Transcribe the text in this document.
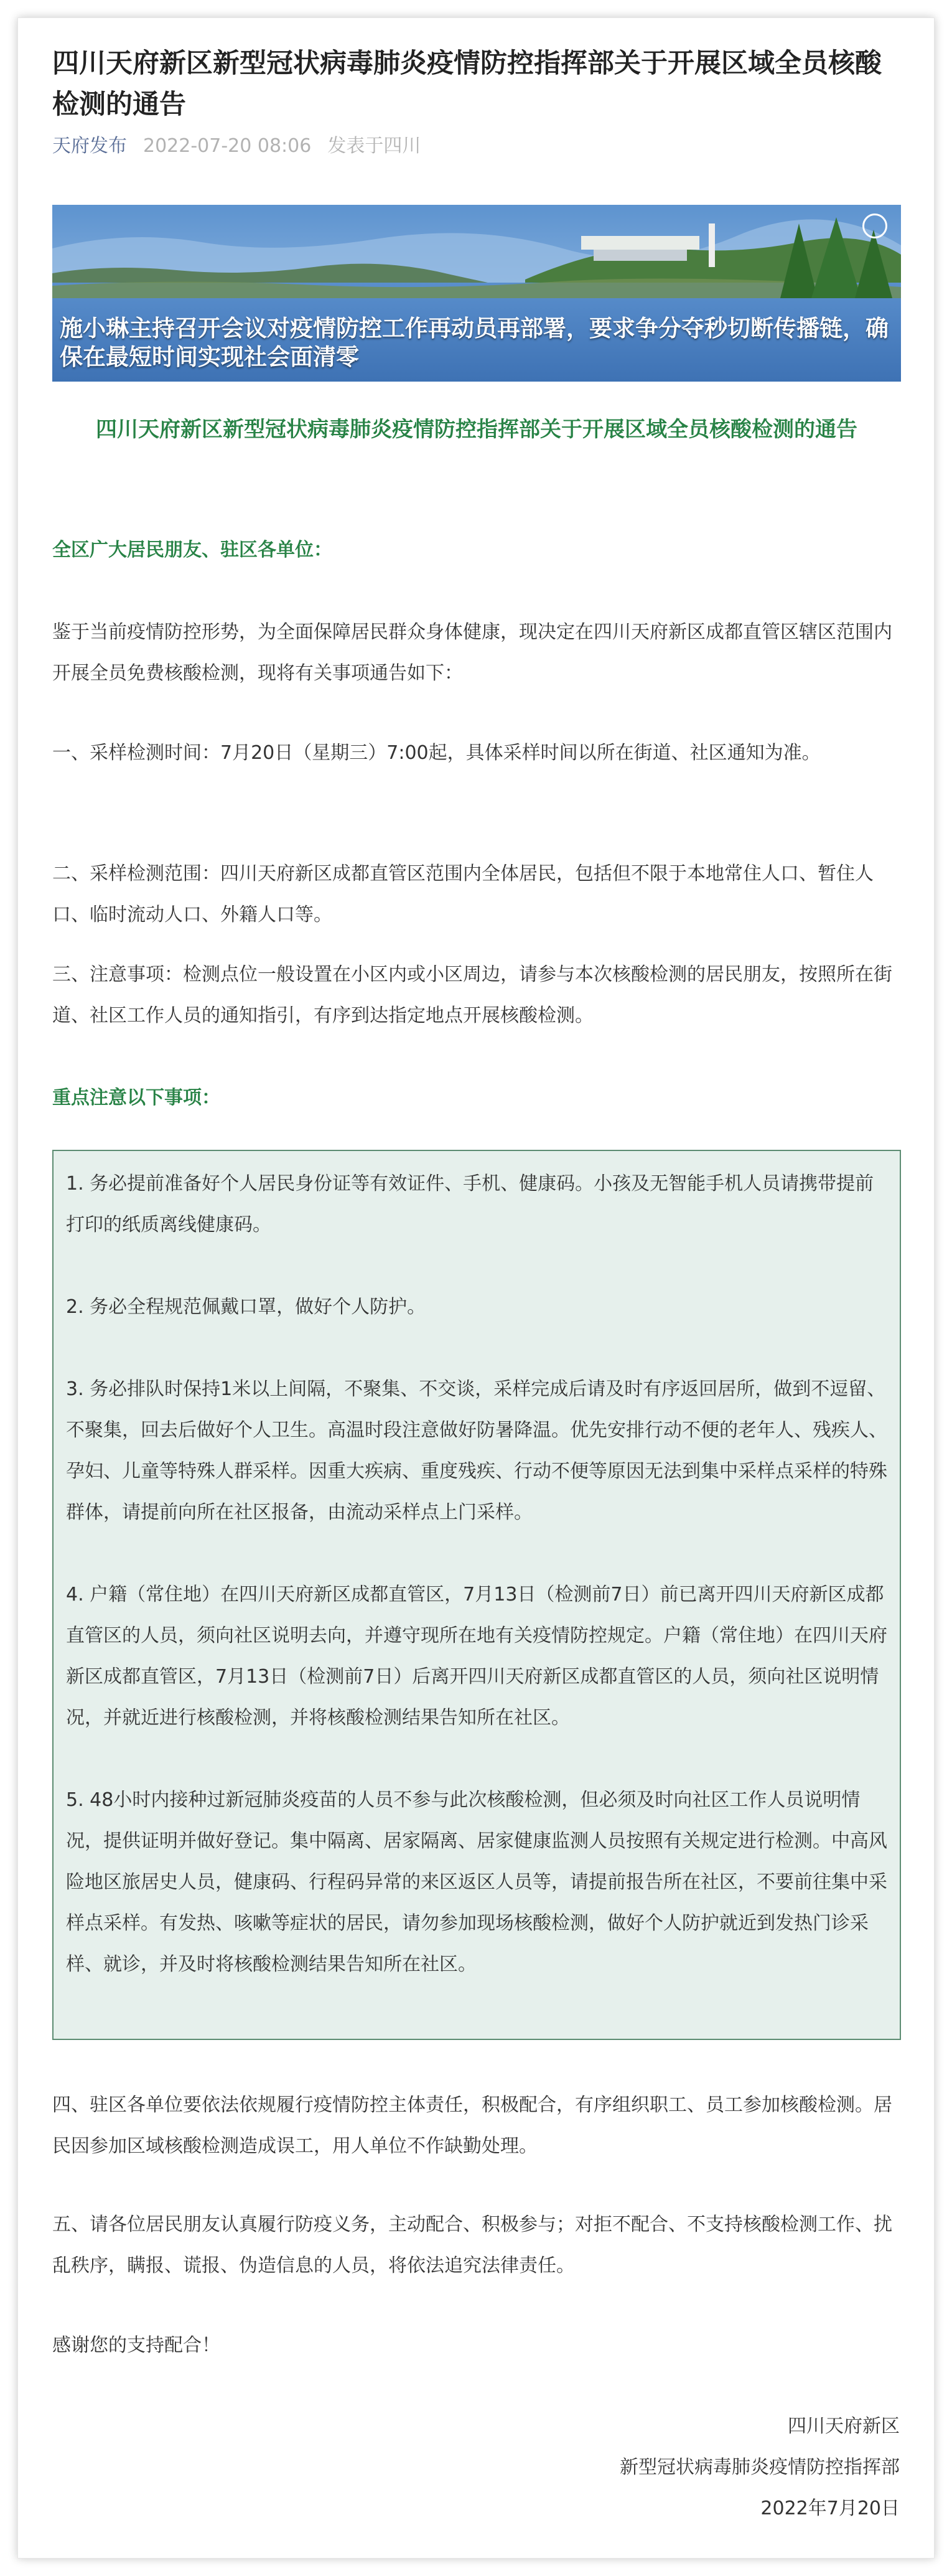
四川天府新区新型冠状病毒肺炎疫情防控指挥部关于开展区域全员核酸检测的通告
天府发布 2022-07-20 08:06 发表于四川
施小琳主持召开会议对疫情防控工作再动员再部署，要求争分夺秒切断传播链，确保在最短时间实现社会面清零
四川天府新区新型冠状病毒肺炎疫情防控指挥部关于开展区域全员核酸检测的通告
全区广大居民朋友、驻区各单位：
鉴于当前疫情防控形势，为全面保障居民群众身体健康，现决定在四川天府新区成都直管区辖区范围内开展全员免费核酸检测，现将有关事项通告如下：
一、采样检测时间：7月20日（星期三）7:00起，具体采样时间以所在街道、社区通知为准。
二、采样检测范围：四川天府新区成都直管区范围内全体居民，包括但不限于本地常住人口、暂住人口、临时流动人口、外籍人口等。
三、注意事项：检测点位一般设置在小区内或小区周边，请参与本次核酸检测的居民朋友，按照所在街道、社区工作人员的通知指引，有序到达指定地点开展核酸检测。
重点注意以下事项：

1. 务必提前准备好个人居民身份证等有效证件、手机、健康码。小孩及无智能手机人员请携带提前打印的纸质离线健康码。

2. 务必全程规范佩戴口罩，做好个人防护。

3. 务必排队时保持1米以上间隔，不聚集、不交谈，采样完成后请及时有序返回居所，做到不逗留、不聚集，回去后做好个人卫生。高温时段注意做好防暑降温。优先安排行动不便的老年人、残疾人、孕妇、儿童等特殊人群采样。因重大疾病、重度残疾、行动不便等原因无法到集中采样点采样的特殊群体，请提前向所在社区报备，由流动采样点上门采样。

4. 户籍（常住地）在四川天府新区成都直管区，7月13日（检测前7日）前已离开四川天府新区成都直管区的人员，须向社区说明去向，并遵守现所在地有关疫情防控规定。户籍（常住地）在四川天府新区成都直管区，7月13日（检测前7日）后离开四川天府新区成都直管区的人员，须向社区说明情况，并就近进行核酸检测，并将核酸检测结果告知所在社区。

5. 48小时内接种过新冠肺炎疫苗的人员不参与此次核酸检测，但必须及时向社区工作人员说明情况，提供证明并做好登记。集中隔离、居家隔离、居家健康监测人员按照有关规定进行检测。中高风险地区旅居史人员，健康码、行程码异常的来区返区人员等，请提前报告所在社区，不要前往集中采样点采样。有发热、咳嗽等症状的居民，请勿参加现场核酸检测，做好个人防护就近到发热门诊采样、就诊，并及时将核酸检测结果告知所在社区。

四、驻区各单位要依法依规履行疫情防控主体责任，积极配合，有序组织职工、员工参加核酸检测。居民因参加区域核酸检测造成误工，用人单位不作缺勤处理。
五、请各位居民朋友认真履行防疫义务，主动配合、积极参与；对拒不配合、不支持核酸检测工作、扰乱秩序，瞒报、谎报、伪造信息的人员，将依法追究法律责任。
感谢您的支持配合！
四川天府新区
新型冠状病毒肺炎疫情防控指挥部
2022年7月20日
